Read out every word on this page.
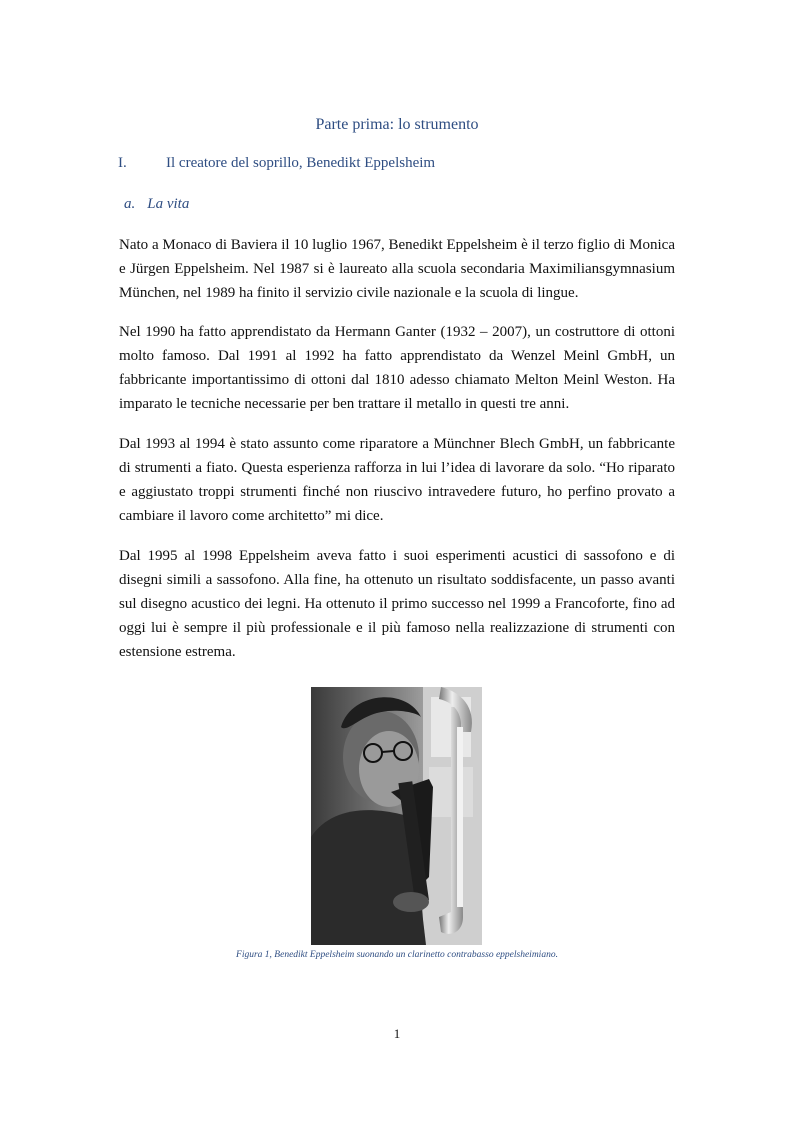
Parte prima: lo strumento
I.	Il creatore del soprillo, Benedikt Eppelsheim
a. La vita

Nato a Monaco di Baviera il 10 luglio 1967, Benedikt Eppelsheim è il terzo figlio di Monica e Jürgen Eppelsheim. Nel 1987 si è laureato alla scuola secondaria Maximiliansgymnasium München, nel 1989 ha finito il servizio civile nazionale e la scuola di lingue.

Nel 1990 ha fatto apprendistato da Hermann Ganter (1932 – 2007), un costruttore di ottoni molto famoso. Dal 1991 al 1992 ha fatto apprendistato da Wenzel Meinl GmbH, un fabbricante importantissimo di ottoni dal 1810 adesso chiamato Melton Meinl Weston. Ha imparato le tecniche necessarie per ben trattare il metallo in questi tre anni.

Dal 1993 al 1994 è stato assunto come riparatore a Münchner Blech GmbH, un fabbricante di strumenti a fiato. Questa esperienza rafforza in lui l’idea di lavorare da solo. “Ho riparato e aggiustato troppi strumenti finché non riuscivo intravedere futuro, ho perfino provato a cambiare il lavoro come architetto” mi dice.

Dal 1995 al 1998 Eppelsheim aveva fatto i suoi esperimenti acustici di sassofono e di disegni simili a sassofono. Alla fine, ha ottenuto un risultato soddisfacente, un passo avanti sul disegno acustico dei legni. Ha ottenuto il primo successo nel 1999 a Francoforte, fino ad oggi lui è sempre il più professionale e il più famoso nella realizzazione di strumenti con estensione estrema.

Figura 1, Benedikt Eppelsheim suonando un clarinetto contrabasso eppelsheimiano.
1
